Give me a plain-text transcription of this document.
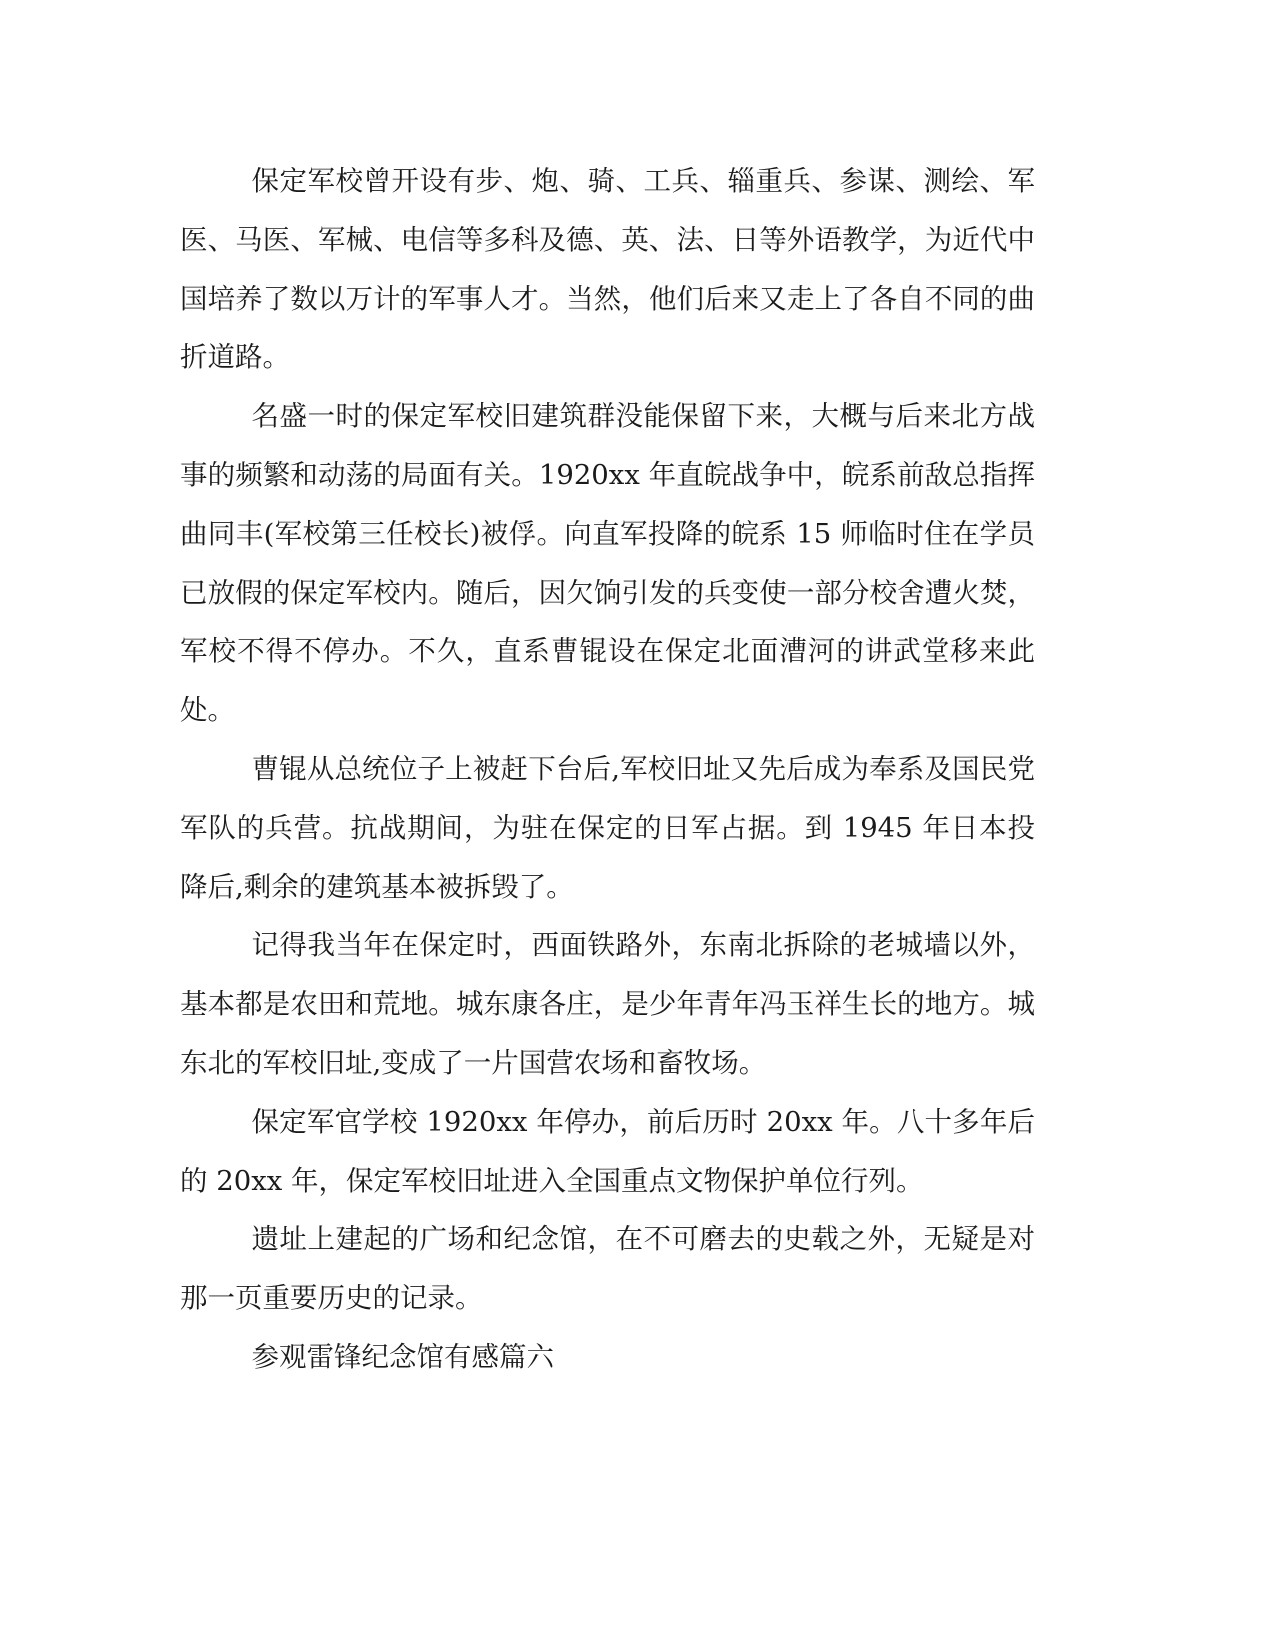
保定军校曾开设有步、炮、骑、工兵、辎重兵、参谋、测绘、军医、马医、军械、电信等多科及德、英、法、日等外语教学，为近代中国培养了数以万计的军事人才。当然，他们后来又走上了各自不同的曲折道路。

名盛一时的保定军校旧建筑群没能保留下来，大概与后来北方战事的频繁和动荡的局面有关。1920xx 年直皖战争中，皖系前敌总指挥曲同丰(军校第三任校长)被俘。向直军投降的皖系 15 师临时住在学员已放假的保定军校内。随后，因欠饷引发的兵变使一部分校舍遭火焚，军校不得不停办。不久，直系曹锟设在保定北面漕河的讲武堂移来此处。

曹锟从总统位子上被赶下台后,军校旧址又先后成为奉系及国民党军队的兵营。抗战期间，为驻在保定的日军占据。到 1945 年日本投降后,剩余的建筑基本被拆毁了。

记得我当年在保定时，西面铁路外，东南北拆除的老城墙以外，基本都是农田和荒地。城东康各庄，是少年青年冯玉祥生长的地方。城东北的军校旧址,变成了一片国营农场和畜牧场。

保定军官学校 1920xx 年停办，前后历时 20xx 年。八十多年后的 20xx 年，保定军校旧址进入全国重点文物保护单位行列。

遗址上建起的广场和纪念馆，在不可磨去的史载之外，无疑是对那一页重要历史的记录。

参观雷锋纪念馆有感篇六
